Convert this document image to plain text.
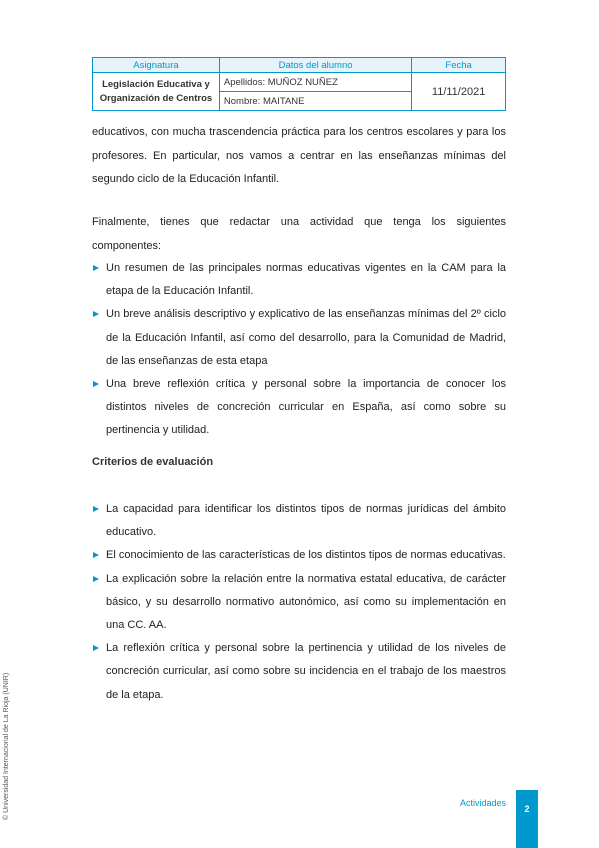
Asignatura	Datos del alumno	Fecha

Legislación Educativa y
Organización de Centros	Apellidos: MUÑOZ NUÑEZ	11/11/2021
	Nombre: MAITANE	

educativos, con mucha trascendencia práctica para los centros escolares y para los profesores. En particular, nos vamos a centrar en las enseñanzas mínimas del segundo ciclo de la Educación Infantil.

Finalmente, tienes que redactar una actividad que tenga los siguientes componentes:

Un resumen de las principales normas educativas vigentes en la CAM para la etapa de la Educación Infantil.
Un breve análisis descriptivo y explicativo de las enseñanzas mínimas del 2º ciclo de la Educación Infantil, así como del desarrollo, para la Comunidad de Madrid, de las enseñanzas de esta etapa
Una breve reflexión crítica y personal sobre la importancia de conocer los distintos niveles de concreción curricular en España, así como sobre su pertinencia y utilidad.
Criterios de evaluación
La capacidad para identificar los distintos tipos de normas jurídicas del ámbito educativo.
El conocimiento de las características de los distintos tipos de normas educativas.
La explicación sobre la relación entre la normativa estatal educativa, de carácter básico, y su desarrollo normativo autonómico, así como su implementación en una CC. AA.
La reflexión crítica y personal sobre la pertinencia y utilidad de los niveles de concreción curricular, así como sobre su incidencia en el trabajo de los maestros de la etapa.
© Universidad Internacional de La Rioja (UNIR)	Actividades
2
